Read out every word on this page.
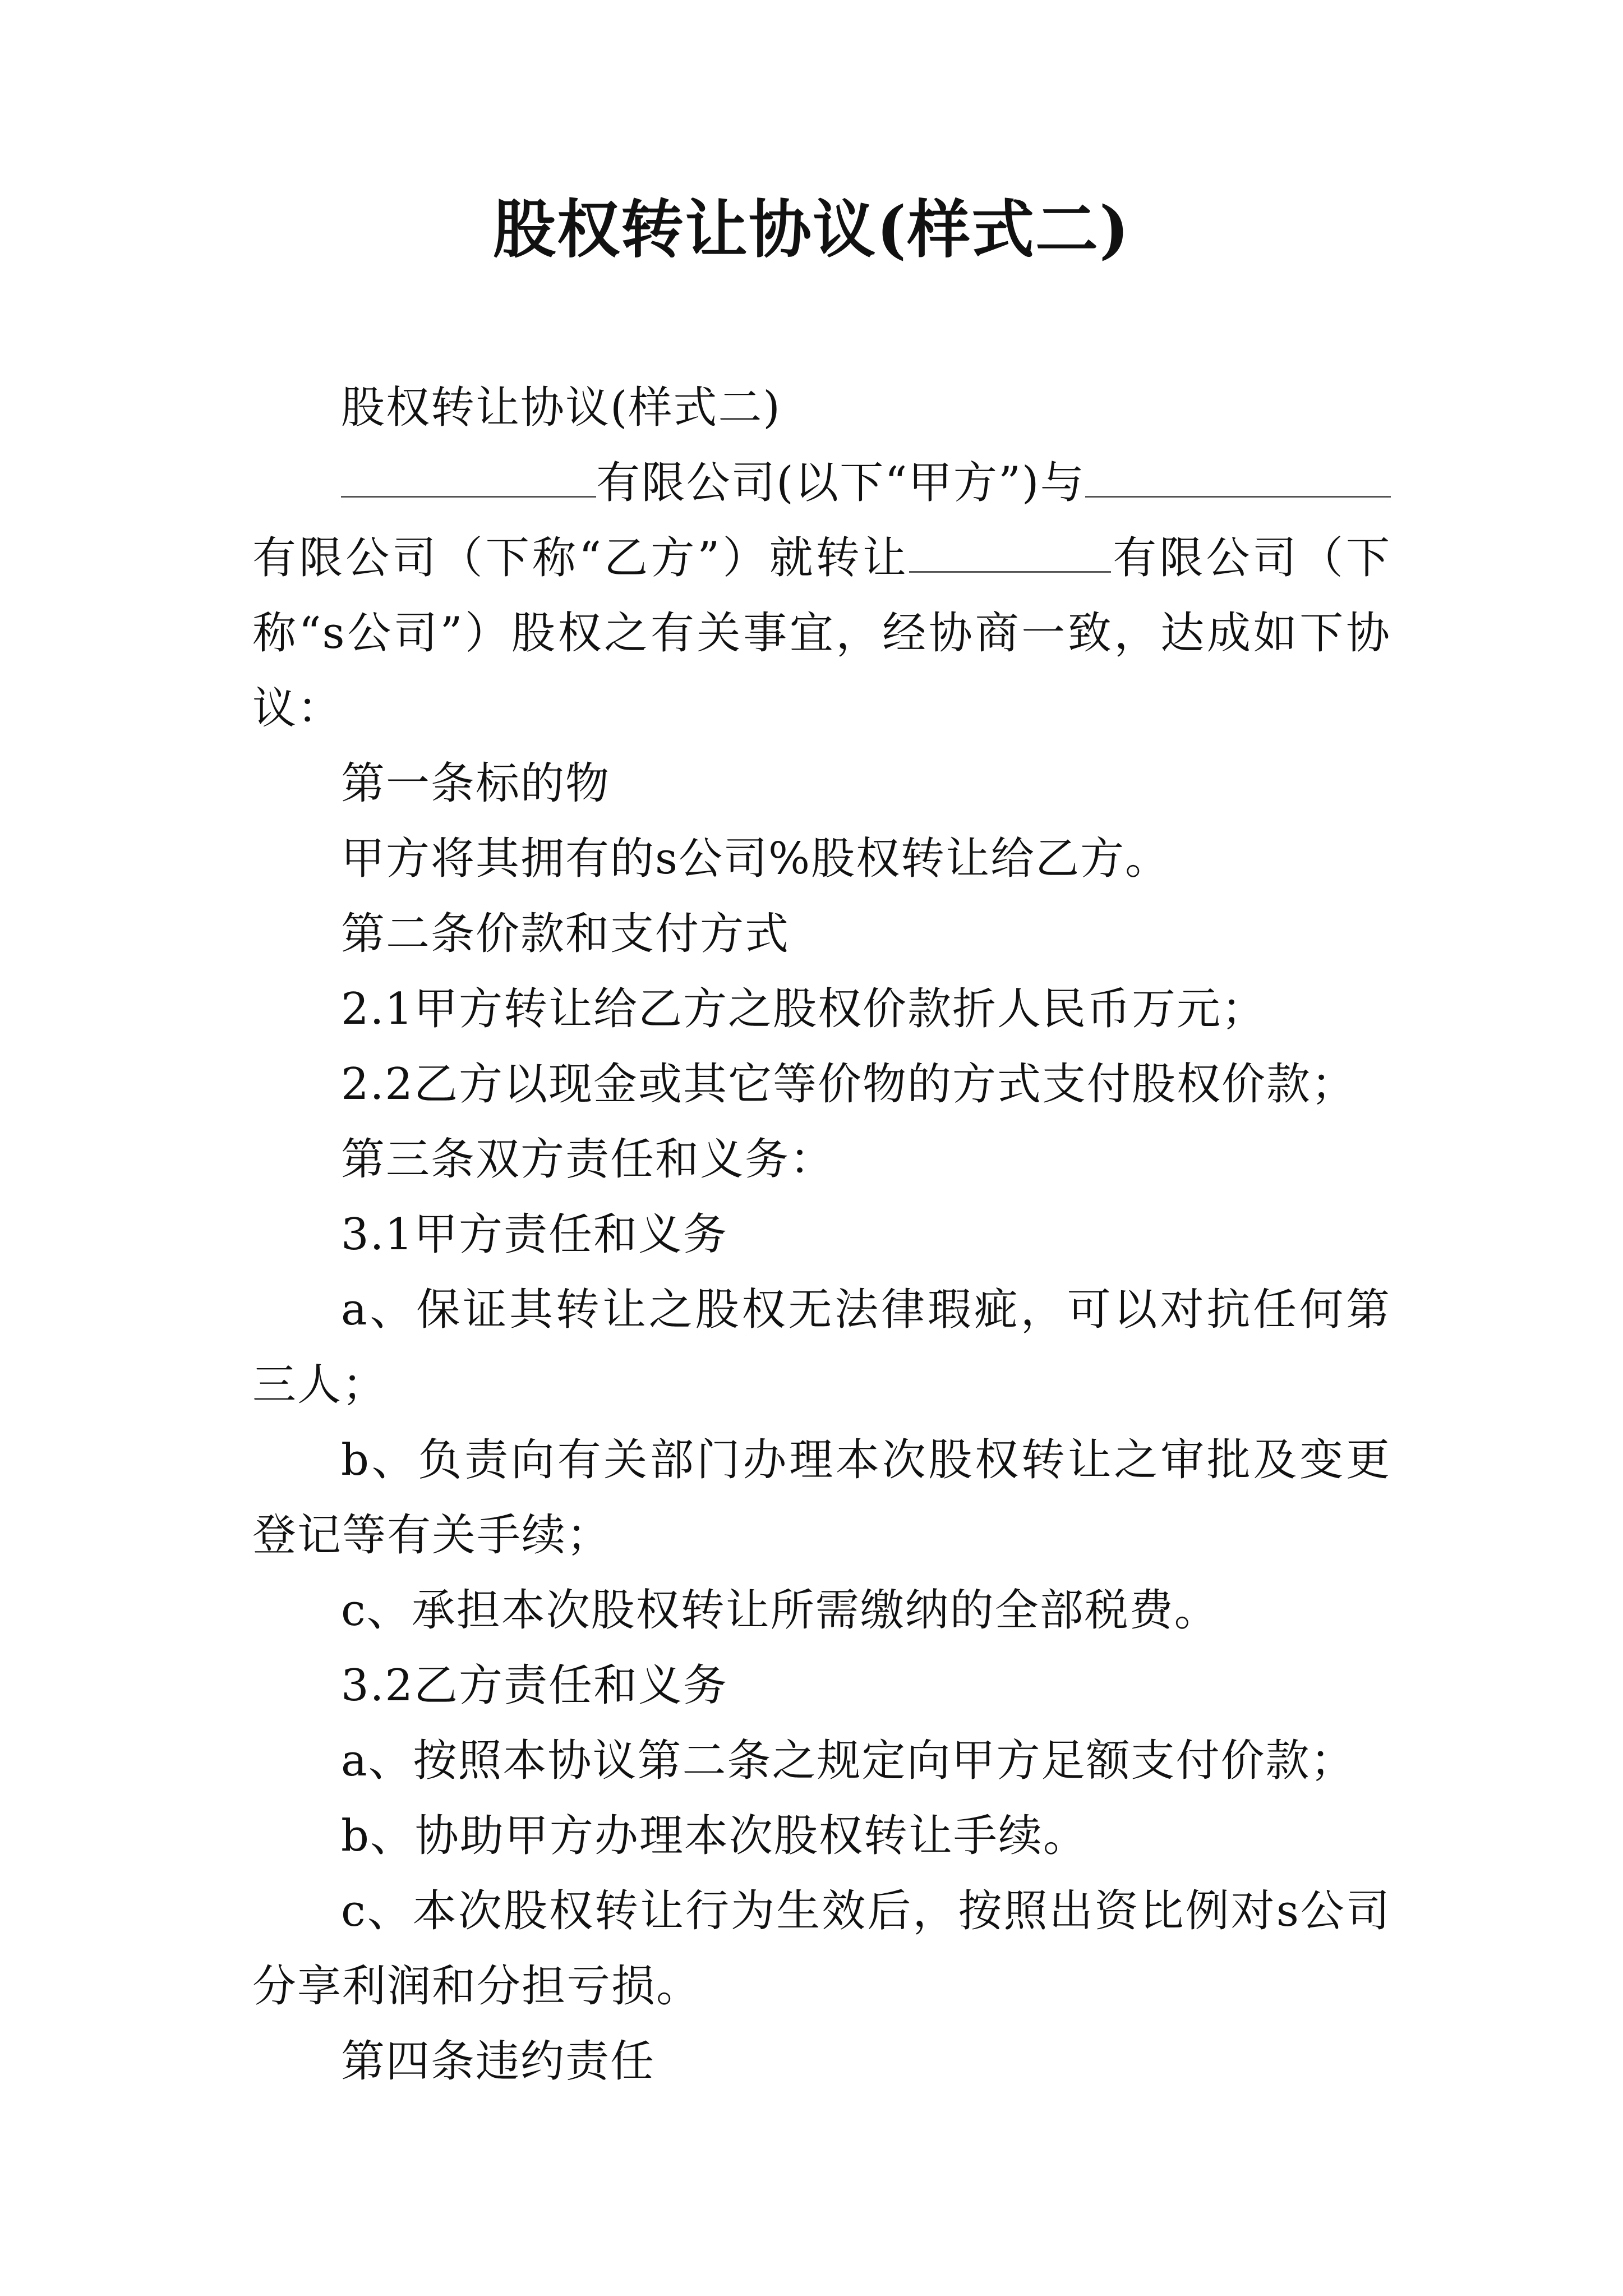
股权转让协议(样式二)

股权转让协议(样式二)

有限公司(以下“甲方”)与有限公司（下称“乙方”）就转让	有限公司（下称“s公司”）股权之有关事宜，经协商一致，达成如下协议：

第一条标的物

甲方将其拥有的s公司%股权转让给乙方。

第二条价款和支付方式

2.1甲方转让给乙方之股权价款折人民币万元；

2.2乙方以现金或其它等价物的方式支付股权价款；

第三条双方责任和义务：

3.1甲方责任和义务

a、保证其转让之股权无法律瑕疵，可以对抗任何第三人；

b、负责向有关部门办理本次股权转让之审批及变更登记等有关手续；

c、承担本次股权转让所需缴纳的全部税费。

3.2乙方责任和义务

a、按照本协议第二条之规定向甲方足额支付价款；

b、协助甲方办理本次股权转让手续。

c、本次股权转让行为生效后，按照出资比例对s公司分享利润和分担亏损。

第四条违约责任
